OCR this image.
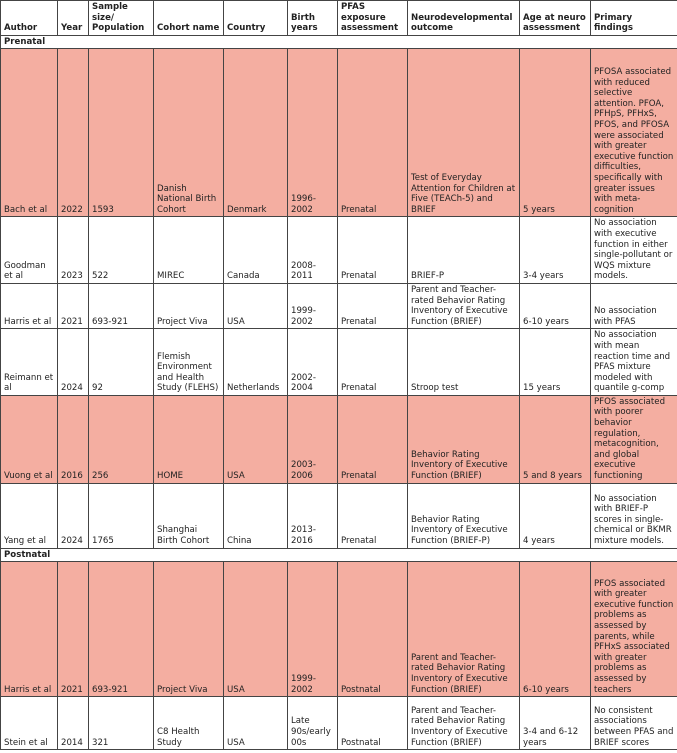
Author	Year	Sample size/ Population	Cohort name	Country	Birth years	PFAS exposure assessment	Neurodevelopmental outcome	Age at neuro assessment	Primary findings
Prenatal									
Bach et al	2022	1593	Danish National Birth Cohort	Denmark	1996-2002	Prenatal	Test of Everyday Attention for Children at Five (TEACh-5) and BRIEF	5 years	PFOSA associated with reduced selective attention. PFOA, PFHpS, PFHxS, PFOS, and PFOSA were associated with greater executive function difficulties, specifically with greater issues with meta-cognition
Goodman et al	2023	522	MIREC	Canada	2008-2011	Prenatal	BRIEF-P	3-4 years	No association with executive function in either single-pollutant or WQS mixture models.
Harris et al	2021	693-921	Project Viva	USA	1999-2002	Prenatal	Parent and Teacher-rated Behavior Rating Inventory of Executive Function (BRIEF)	6-10 years	No association with PFAS
Reimann et al	2024	92	Flemish Environment and Health Study (FLEHS)	Netherlands	2002-2004	Prenatal	Stroop test	15 years	No association with mean reaction time and PFAS mixture modeled with quantile g-comp
Vuong et al	2016	256	HOME	USA	2003-2006	Prenatal	Behavior Rating Inventory of Executive Function (BRIEF)	5 and 8 years	PFOS associated with poorer behavior regulation, metacognition, and global executive functioning
Yang et al	2024	1765	Shanghai Birth Cohort	China	2013-2016	Prenatal	Behavior Rating Inventory of Executive Function (BRIEF-P)	4 years	No association with BRIEF-P scores in single-chemical or BKMR mixture models.
Postnatal									
Harris et al	2021	693-921	Project Viva	USA	1999-2002	Postnatal	Parent and Teacher-rated Behavior Rating Inventory of Executive Function (BRIEF)	6-10 years	PFOS associated with greater executive function problems as assessed by parents, while PFHxS associated with greater problems as assessed by teachers
Stein et al	2014	321	C8 Health Study	USA	Late 90s/early 00s	Postnatal	Parent and Teacher-rated Behavior Rating Inventory of Executive Function (BRIEF)	3-4 and 6-12 years	No consistent associations between PFAS and BRIEF scores
